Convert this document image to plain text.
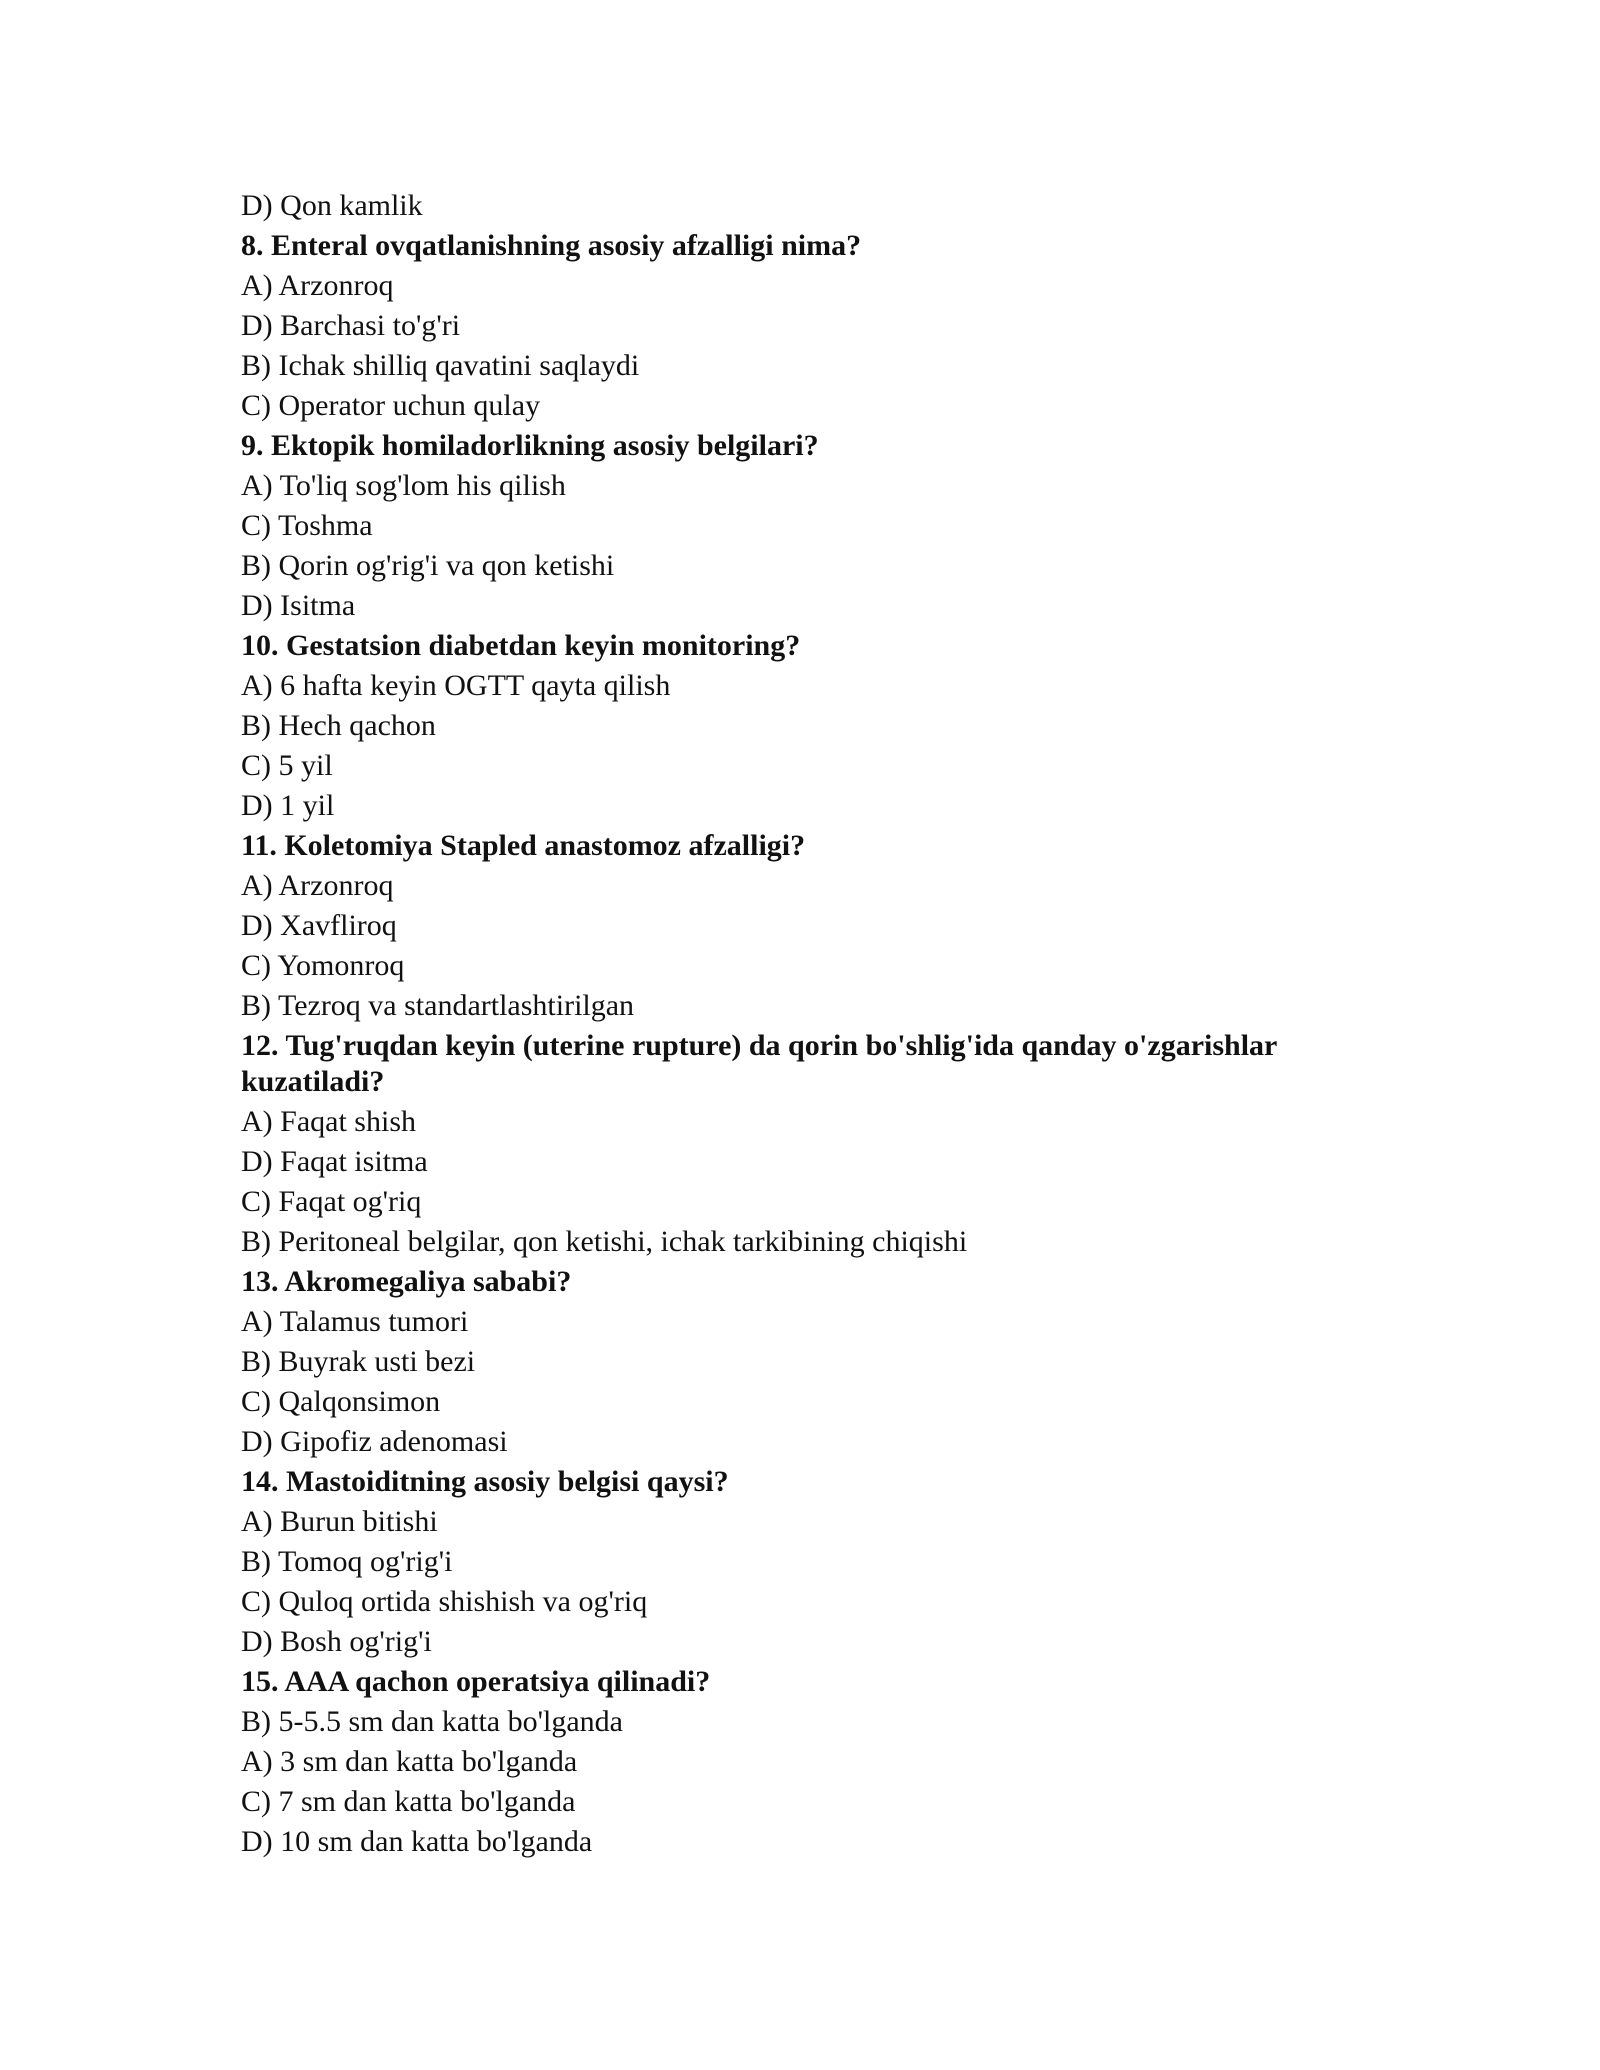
D) Qon kamlik

8. Enteral ovqatlanishning asosiy afzalligi nima?

A) Arzonroq

D) Barchasi to'g'ri

B) Ichak shilliq qavatini saqlaydi

C) Operator uchun qulay

9. Ektopik homiladorlikning asosiy belgilari?

A) To'liq sog'lom his qilish

C) Toshma

B) Qorin og'rig'i va qon ketishi

D) Isitma

10. Gestatsion diabetdan keyin monitoring?

A) 6 hafta keyin OGTT qayta qilish

B) Hech qachon

C) 5 yil

D) 1 yil

11. Koletomiya Stapled anastomoz afzalligi?

A) Arzonroq

D) Xavfliroq

C) Yomonroq

B) Tezroq va standartlashtirilgan

12. Tug'ruqdan keyin (uterine rupture) da qorin bo'shlig'ida qanday o'zgarishlar kuzatiladi?

A) Faqat shish

D) Faqat isitma

C) Faqat og'riq

B) Peritoneal belgilar, qon ketishi, ichak tarkibining chiqishi

13. Akromegaliya sababi?

A) Talamus tumori

B) Buyrak usti bezi

C) Qalqonsimon

D) Gipofiz adenomasi

14. Mastoiditning asosiy belgisi qaysi?

A) Burun bitishi

B) Tomoq og'rig'i

C) Quloq ortida shishish va og'riq

D) Bosh og'rig'i

15. AAA qachon operatsiya qilinadi?

B) 5-5.5 sm dan katta bo'lganda

A) 3 sm dan katta bo'lganda

C) 7 sm dan katta bo'lganda

D) 10 sm dan katta bo'lganda
